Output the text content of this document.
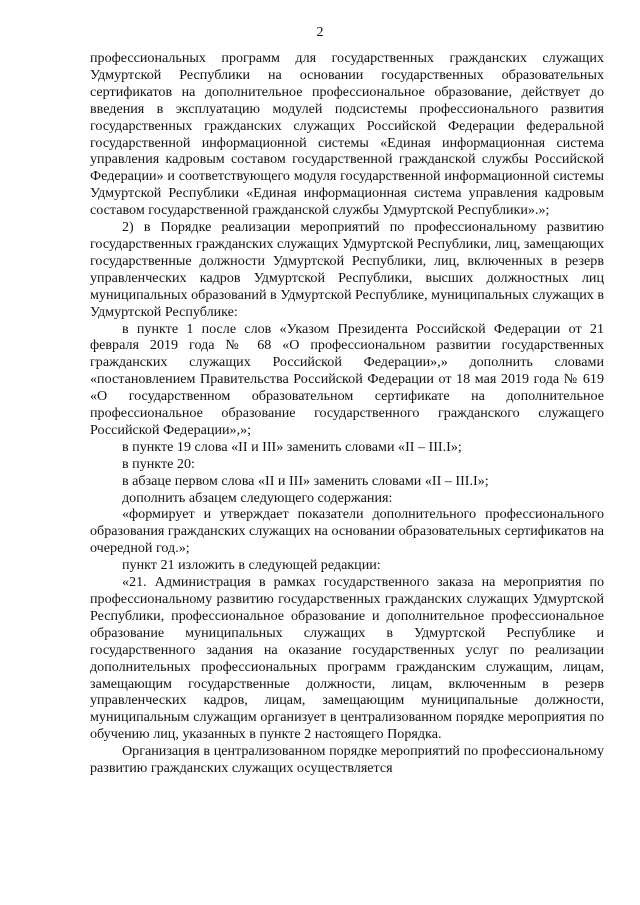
2

профессиональных программ для государственных гражданских служащих Удмуртской Республики на основании государственных образовательных сертификатов на дополнительное профессиональное образование, действует до введения в эксплуатацию модулей подсистемы профессионального развития государственных гражданских служащих Российской Федерации федеральной государственной информационной системы «Единая информационная система управления кадровым составом государственной гражданской службы Российской Федерации» и соответствующего модуля государственной информационной системы Удмуртской Республики «Единая информационная система управления кадровым составом государственной гражданской службы Удмуртской Республики».»;

2) в Порядке реализации мероприятий по профессиональному развитию государственных гражданских служащих Удмуртской Республики, лиц, замещающих государственные должности Удмуртской Республики, лиц, включенных в резерв управленческих кадров Удмуртской Республики, высших должностных лиц муниципальных образований в Удмуртской Республике, муниципальных служащих в Удмуртской Республике:

в пункте 1 после слов «Указом Президента Российской Федерации от 21 февраля 2019 года № 68 «О профессиональном развитии государственных гражданских служащих Российской Федерации»,» дополнить словами «постановлением Правительства Российской Федерации от 18 мая 2019 года № 619 «О государственном образовательном сертификате на дополнительное профессиональное образование государственного гражданского служащего Российской Федерации»,»;

в пункте 19 слова «II и III» заменить словами «II – III.I»;

в пункте 20:

в абзаце первом слова «II и III» заменить словами «II – III.I»;

дополнить абзацем следующего содержания:

«формирует и утверждает показатели дополнительного профессионального образования гражданских служащих на основании образовательных сертификатов на очередной год.»;

пункт 21 изложить в следующей редакции:

«21. Администрация в рамках государственного заказа на мероприятия по профессиональному развитию государственных гражданских служащих Удмуртской Республики, профессиональное образование и дополнительное профессиональное образование муниципальных служащих в Удмуртской Республике и государственного задания на оказание государственных услуг по реализации дополнительных профессиональных программ гражданским служащим, лицам, замещающим государственные должности, лицам, включенным в резерв управленческих кадров, лицам, замещающим муниципальные должности, муниципальным служащим организует в централизованном порядке мероприятия по обучению лиц, указанных в пункте 2 настоящего Порядка.

Организация в централизованном порядке мероприятий по профессиональному развитию гражданских служащих осуществляется
